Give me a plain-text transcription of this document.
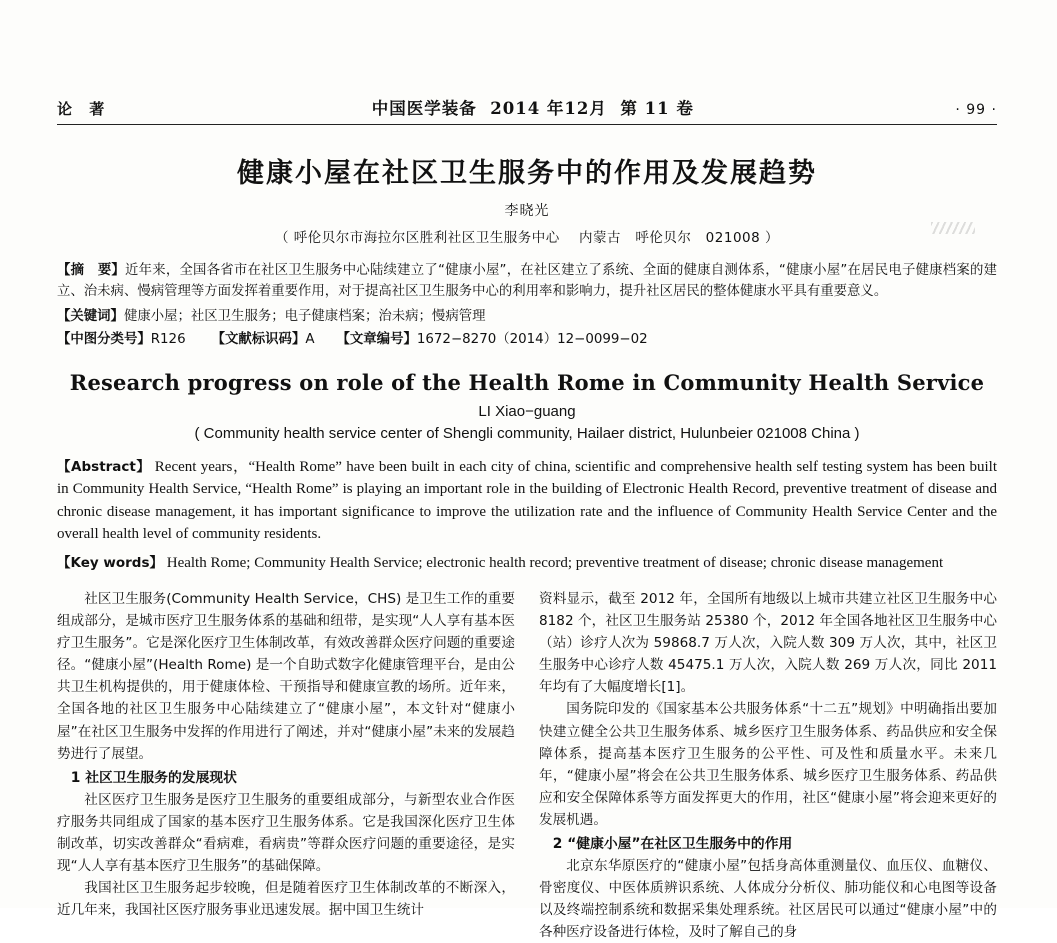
论 著	中国医学装备  2014 年12月  第 11 卷	· 99 ·
健康小屋在社区卫生服务中的作用及发展趋势
李晓光
（ 呼伦贝尔市海拉尔区胜利社区卫生服务中心    内蒙古   呼伦贝尔   021008 ）

【摘　要】近年来，全国各省市在社区卫生服务中心陆续建立了“健康小屋”，在社区建立了系统、全面的健康自测体系，“健康小屋”在居民电子健康档案的建立、治未病、慢病管理等方面发挥着重要作用，对于提高社区卫生服务中心的利用率和影响力，提升社区居民的整体健康水平具有重要意义。

【关键词】健康小屋；社区卫生服务；电子健康档案；治未病；慢病管理
【中图分类号】R126 【文献标识码】A 【文章编号】1672−8270（2014）12−0099−02
Research progress on role of the Health Rome in Community Health Service
LI Xiao−guang
( Community health service center of Shengli community, Hailaer district, Hulunbeier 021008 China )
【Abstract】 Recent years，“Health Rome” have been built in each city of china, scientific and comprehensive health self testing system has been built in Community Health Service, “Health Rome” is playing an important role in the building of Electronic Health Record, preventive treatment of disease and chronic disease management, it has important significance to improve the utilization rate and the influence of Community Health Service Center and the overall health level of community residents.
【Key words】 Health Rome; Community Health Service; electronic health record; preventive treatment of disease; chronic disease management

社区卫生服务(Community Health Service，CHS) 是卫生工作的重要组成部分，是城市医疗卫生服务体系的基础和纽带，是实现“人人享有基本医疗卫生服务”。它是深化医疗卫生体制改革，有效改善群众医疗问题的重要途径。“健康小屋”(Health Rome) 是一个自助式数字化健康管理平台，是由公共卫生机构提供的，用于健康体检、干预指导和健康宣教的场所。近年来，全国各地的社区卫生服务中心陆续建立了“健康小屋”，本文针对“健康小屋”在社区卫生服务中发挥的作用进行了阐述，并对“健康小屋”未来的发展趋势进行了展望。

1 社区卫生服务的发展现状

社区医疗卫生服务是医疗卫生服务的重要组成部分，与新型农业合作医疗服务共同组成了国家的基本医疗卫生服务体系。它是我国深化医疗卫生体制改革，切实改善群众“看病难，看病贵”等群众医疗问题的重要途径，是实现“人人享有基本医疗卫生服务”的基础保障。

我国社区卫生服务起步较晚，但是随着医疗卫生体制改革的不断深入，近几年来，我国社区医疗服务事业迅速发展。据中国卫生统计

资料显示，截至 2012 年，全国所有地级以上城市共建立社区卫生服务中心 8182 个，社区卫生服务站 25380 个，2012 年全国各地社区卫生服务中心（站）诊疗人次为 59868.7 万人次，入院人数 309 万人次，其中，社区卫生服务中心诊疗人数 45475.1 万人次，入院人数 269 万人次，同比 2011 年均有了大幅度增长[1]。

国务院印发的《国家基本公共服务体系“十二五”规划》中明确指出要加快建立健全公共卫生服务体系、城乡医疗卫生服务体系、药品供应和安全保障体系，提高基本医疗卫生服务的公平性、可及性和质量水平。未来几年，“健康小屋”将会在公共卫生服务体系、城乡医疗卫生服务体系、药品供应和安全保障体系等方面发挥更大的作用，社区“健康小屋”将会迎来更好的发展机遇。

2 “健康小屋”在社区卫生服务中的作用

北京东华原医疗的“健康小屋”包括身高体重测量仪、血压仪、血糖仪、骨密度仪、中医体质辨识系统、人体成分分析仪、肺功能仪和心电图等设备以及终端控制系统和数据采集处理系统。社区居民可以通过“健康小屋”中的各种医疗设备进行体检，及时了解自己的身
